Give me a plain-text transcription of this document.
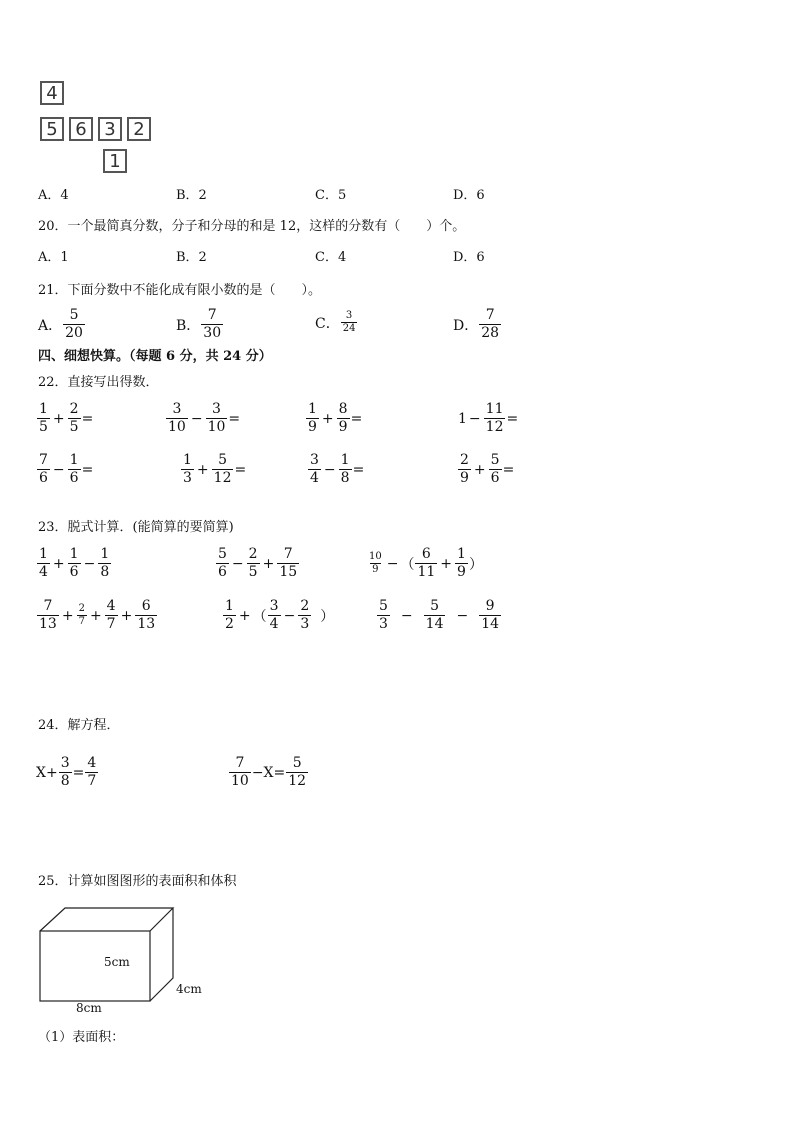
4
5 6 3 2
1
A．4	B．2	C．5	D．6
20．一个最简真分数，分子和分母的和是 12，这样的分数有（　　）个。
A．1	B．2	C．4	D．6
21．下面分数中不能化成有限小数的是（　　）。
A． $\frac{5}{20}$	B． $\frac{7}{30}$	C． $\frac{3}{24}$	D． $\frac{7}{28}$
四、细想快算。（每题 6 分，共 24 分）
22．直接写出得数．
$\frac{1}{5} + \frac{2}{5}$ =	$\frac{3}{10} - \frac{3}{10}$ =	$\frac{1}{9} + \frac{8}{9}$ =	$1 - \frac{11}{12}$ =
$\frac{7}{6} - \frac{1}{6}$ =	$\frac{1}{3} + \frac{5}{12}$ =	$\frac{3}{4} - \frac{1}{8}$ =	$\frac{2}{9} + \frac{5}{6}$ =
23．脱式计算．(能简算的要简算)
$\frac{1}{4} + \frac{1}{6} - \frac{1}{8}$	$\frac{5}{6} - \frac{2}{5} + \frac{7}{15}$	$\frac{10}{9}$ − （ $\frac{6}{11} + \frac{1}{9}$ ）
$\frac{7}{13} + \frac{2}{7} + \frac{4}{7} + \frac{6}{13}$	$\frac{1}{2}$ + （ $\frac{3}{4} - \frac{2}{3}$ ）	$\frac{5}{3} - \frac{5}{14} - \frac{9}{14}$
24．解方程．
$X+ \frac{3}{8} = \frac{4}{7}$	$\frac{7}{10} -X= \frac{5}{12}$
25．计算如图图形的表面积和体积
5cm
4cm
8cm
（1）表面积：
